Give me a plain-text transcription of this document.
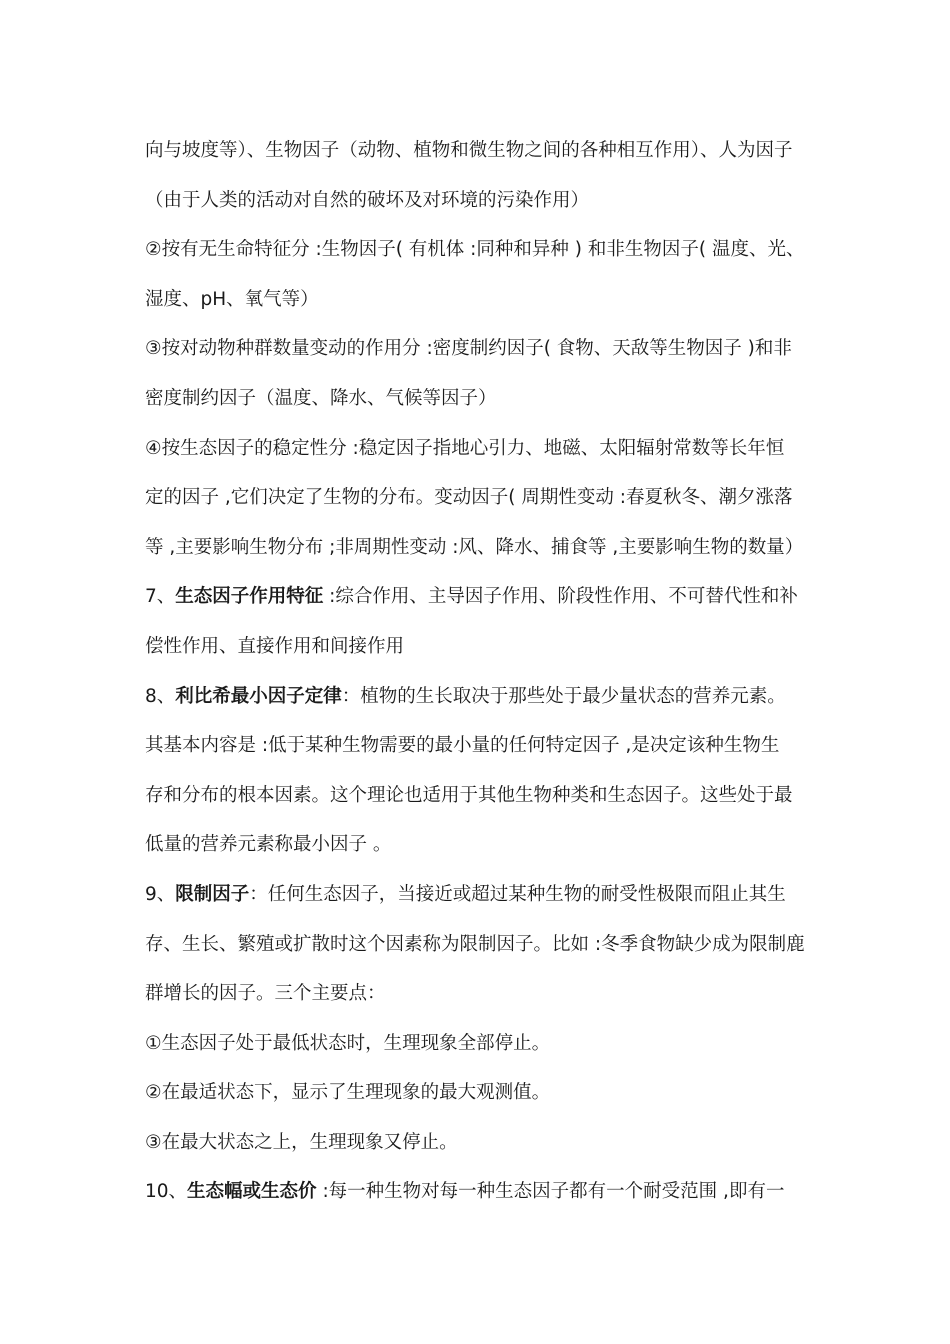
向与坡度等）、生物因子（动物、植物和微生物之间的各种相互作用）、人为因子
（由于人类的活动对自然的破坏及对环境的污染作用）
②按有无生命特征分 :生物因子( 有机体 :同种和异种 ) 和非生物因子( 温度、光、
湿度、pH、氧气等）
③按对动物种群数量变动的作用分 :密度制约因子( 食物、天敌等生物因子 )和非
密度制约因子（温度、降水、气候等因子）
④按生态因子的稳定性分 :稳定因子指地心引力、地磁、太阳辐射常数等长年恒
定的因子 ,它们决定了生物的分布。变动因子( 周期性变动 :春夏秋冬、潮夕涨落
等 ,主要影响生物分布 ;非周期性变动 :风、降水、捕食等 ,主要影响生物的数量）
7、生态因子作用特征 :综合作用、主导因子作用、阶段性作用、不可替代性和补
偿性作用、直接作用和间接作用
8、利比希最小因子定律：植物的生长取决于那些处于最少量状态的营养元素。
其基本内容是 :低于某种生物需要的最小量的任何特定因子 ,是决定该种生物生
存和分布的根本因素。这个理论也适用于其他生物种类和生态因子。这些处于最
低量的营养元素称最小因子 。
9、限制因子：任何生态因子，当接近或超过某种生物的耐受性极限而阻止其生
存、生长、繁殖或扩散时这个因素称为限制因子。比如 :冬季食物缺少成为限制鹿
群增长的因子。三个主要点：
①生态因子处于最低状态时，生理现象全部停止。
②在最适状态下，显示了生理现象的最大观测值。
③在最大状态之上，生理现象又停止。
10、生态幅或生态价 :每一种生物对每一种生态因子都有一个耐受范围 ,即有一
